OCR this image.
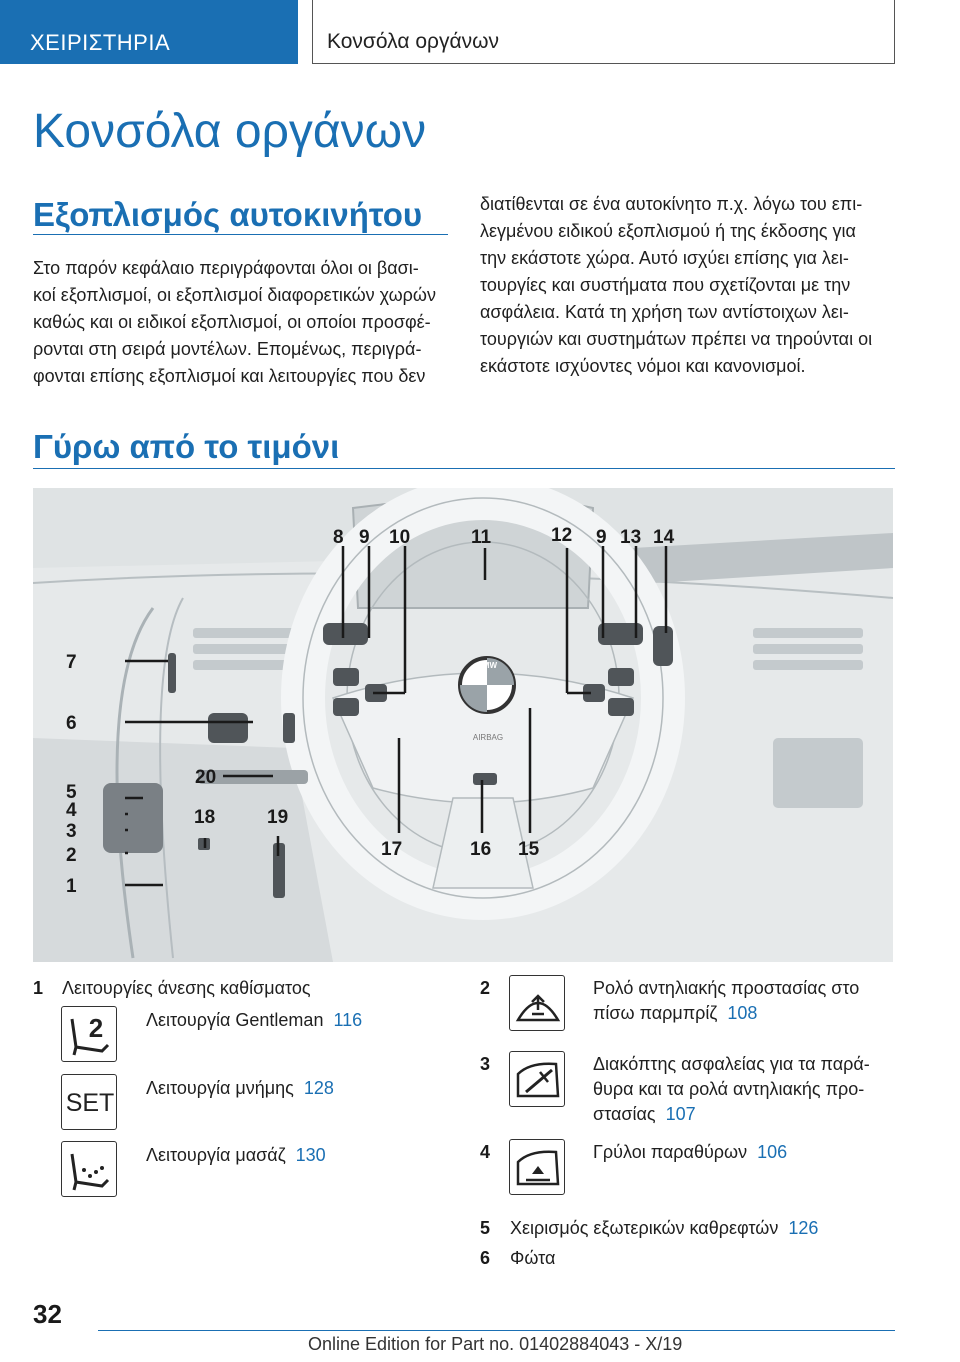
ΧΕΙΡΙΣΤΗΡΙΑ	Κονσόλα οργάνων
Κονσόλα οργάνων
Εξοπλισμός αυτοκινήτου

Στο παρόν κεφάλαιο περιγράφονται όλοι οι βασι-

κοί εξοπλισμοί, οι εξοπλισμοί διαφορετικών χωρών

καθώς και οι ειδικοί εξοπλισμοί, οι οποίοι προσφέ-

ρονται στη σειρά μοντέλων. Επομένως, περιγρά-

φονται επίσης εξοπλισμοί και λειτουργίες που δεν

διατίθενται σε ένα αυτοκίνητο π.χ. λόγω του επι-

λεγμένου ειδικού εξοπλισμού ή της έκδοσης για

την εκάστοτε χώρα. Αυτό ισχύει επίσης για λει-

τουργίες και συστήματα που σχετίζονται με την

ασφάλεια. Κατά τη χρήση των αντίστοιχων λει-

τουργιών και συστημάτων πρέπει να τηρούνται οι

εκάστοτε ισχύοντες νόμοι και κανονισμοί.

Γύρω από το τιμόνι
BMW
AIRBAG
8 9 10	11	12 9 13 14
7
6
20
5
4
3
2
1
18	19
17	16 15
1 Λειτουργίες άνεσης καθίσματος
2 Λειτουργία Gentleman 116
SET
Λειτουργία μνήμης 128
Λειτουργία μασάζ 130
2	Ρολό αντηλιακής προστασίας στο
πίσω παρμπρίζ 108
3	Διακόπτης ασφαλείας για τα παρά-
θυρα και τα ρολά αντηλιακής προ-
στασίας 107
4	Γρύλοι παραθύρων 106
5 Χειρισμός εξωτερικών καθρεφτών 126
6 Φώτα
32
Online Edition for Part no. 01402884043 - X/19
